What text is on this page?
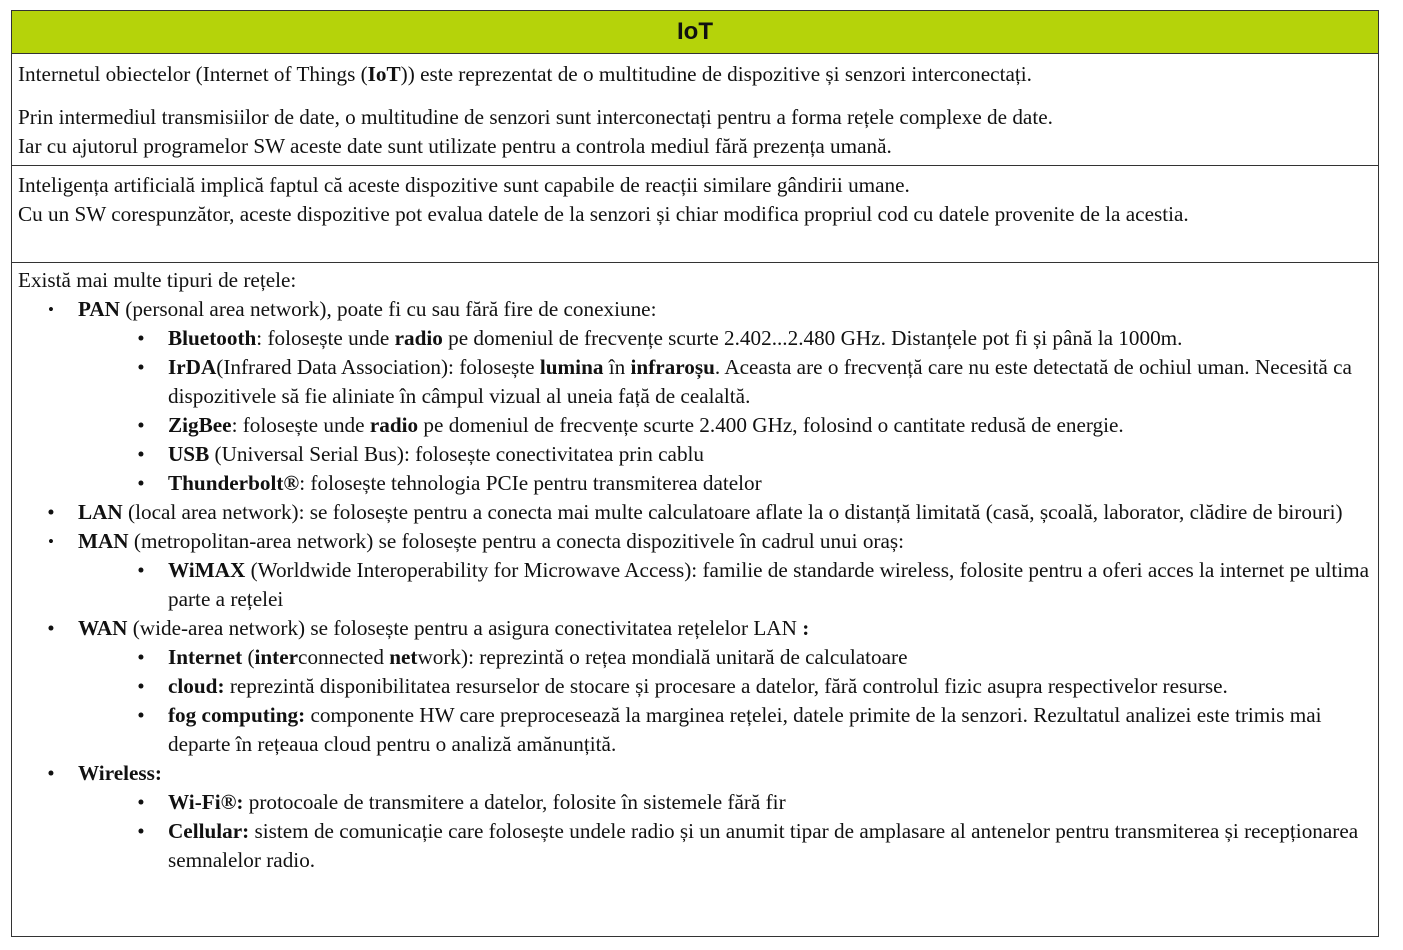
IoT

Internetul obiectelor (Internet of Things (IoT)) este reprezentat de o multitudine de dispozitive și senzori interconectați.

Prin intermediul transmisiilor de date, o multitudine de senzori sunt interconectați pentru a forma rețele complexe de date.

Iar cu ajutorul programelor SW aceste date sunt utilizate pentru a controla mediul fără prezența umană.

Inteligența artificială implică faptul că aceste dispozitive sunt capabile de reacții similare gândirii umane.

Cu un SW corespunzător, aceste dispozitive pot evalua datele de la senzori și chiar modifica propriul cod cu datele provenite de la acestia.

Există mai multe tipuri de rețele:

• PAN (personal area network), poate fi cu sau fără fire de conexiune:
• Bluetooth: folosește unde radio pe domeniul de frecvențe scurte 2.402...2.480 GHz. Distanțele pot fi și până la 1000m.
• IrDA(Infrared Data Association): folosește lumina în infraroșu. Aceasta are o frecvență care nu este detectată de ochiul uman. Necesită ca dispozitivele să fie aliniate în câmpul vizual al uneia față de cealaltă.
• ZigBee: folosește unde radio pe domeniul de frecvențe scurte 2.400 GHz, folosind o cantitate redusă de energie.
• USB (Universal Serial Bus): folosește conectivitatea prin cablu
• Thunderbolt®: folosește tehnologia PCIe pentru transmiterea datelor
• LAN (local area network): se folosește pentru a conecta mai multe calculatoare aflate la o distanță limitată (casă, școală, laborator, clădire de birouri)
• MAN (metropolitan-area network) se folosește pentru a conecta dispozitivele în cadrul unui oraș:
• WiMAX (Worldwide Interoperability for Microwave Access): familie de standarde wireless, folosite pentru a oferi acces la internet pe ultima parte a rețelei
• WAN (wide-area network) se folosește pentru a asigura conectivitatea rețelelor LAN :
• Internet (interconnected network): reprezintă o rețea mondială unitară de calculatoare
• cloud: reprezintă disponibilitatea resurselor de stocare și procesare a datelor, fără controlul fizic asupra respectivelor resurse.
• fog computing: componente HW care preprocesează la marginea rețelei, datele primite de la senzori. Rezultatul analizei este trimis mai departe în rețeaua cloud pentru o analiză amănunțită.
• Wireless:
• Wi-Fi®: protocoale de transmitere a datelor, folosite în sistemele fără fir
• Cellular: sistem de comunicație care folosește undele radio și un anumit tipar de amplasare al antenelor pentru transmiterea și recepționarea semnalelor radio.
